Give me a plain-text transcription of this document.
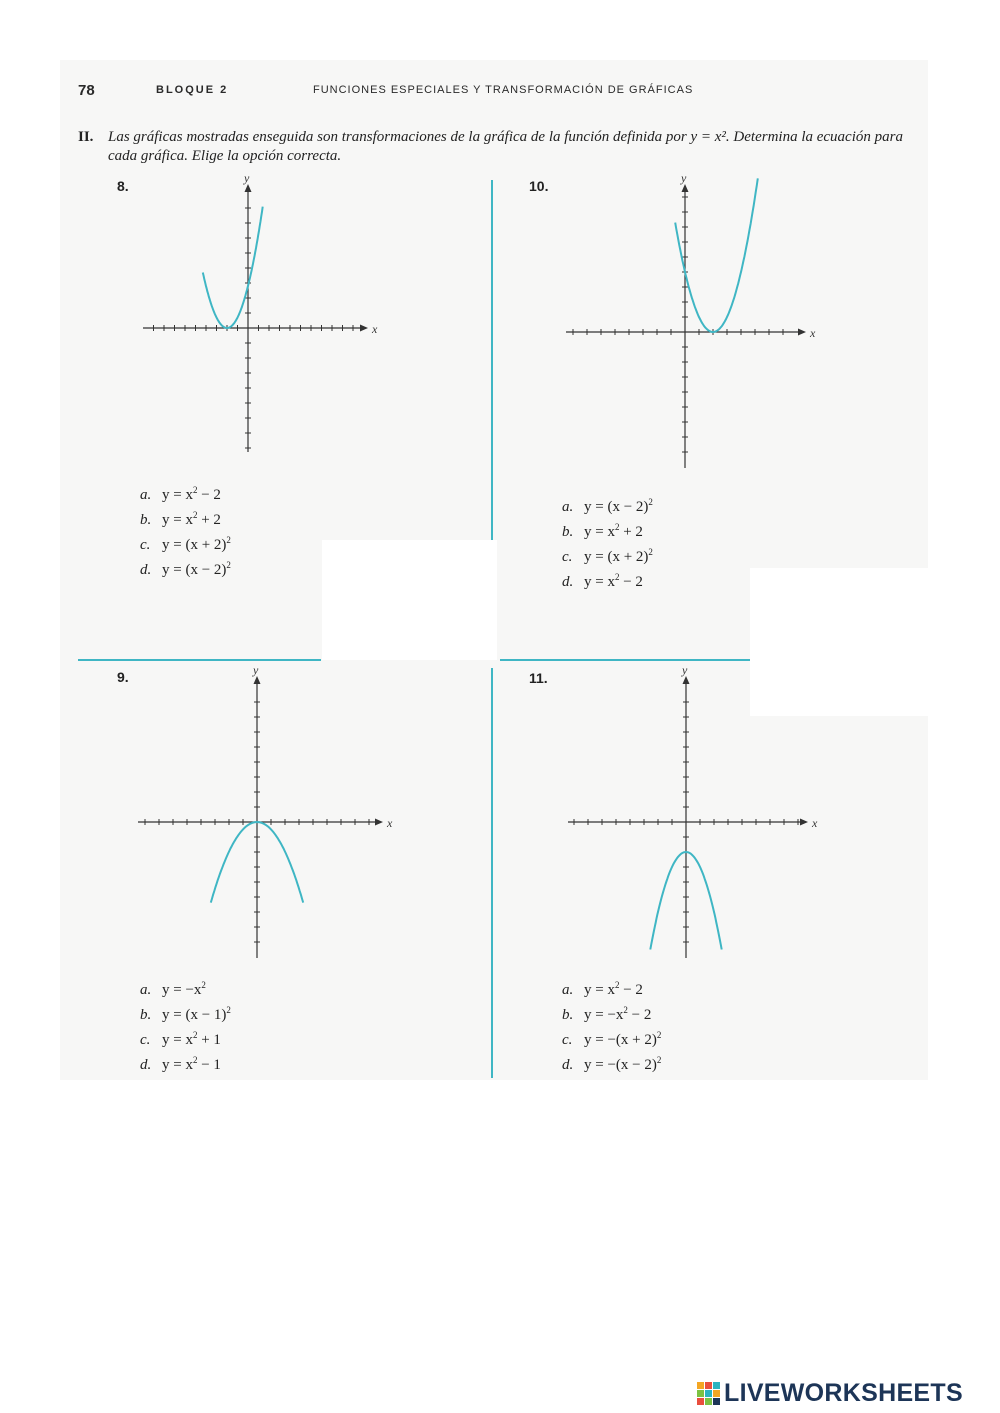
78	BLOQUE 2	FUNCIONES ESPECIALES Y TRANSFORMACIÓN DE GRÁFICAS
II. Las gráficas mostradas enseguida son transformaciones de la gráfica de la función definida por y = x². Determina la ecuación para cada gráfica. Elige la opción correcta.
8.
x
y
a. $y = x^2 - 2$
b. $y = x^2 + 2$
c. $y = (x + 2)^2$
d. $y = (x - 2)^2$
10.
x
y
a. $y = (x - 2)^2$
b. $y = x^2 + 2$
c. $y = (x + 2)^2$
d. $y = x^2 - 2$
9.
x
y
a. $y = -x^2$
b. $y = (x - 1)^2$
c. $y = x^2 + 1$
d. $y = x^2 - 1$
11.
x
y
a. $y = x^2 - 2$
b. $y = -x^2 - 2$
c. $y = -(x + 2)^2$
d. $y = -(x - 2)^2$
LIVEWORKSHEETS
